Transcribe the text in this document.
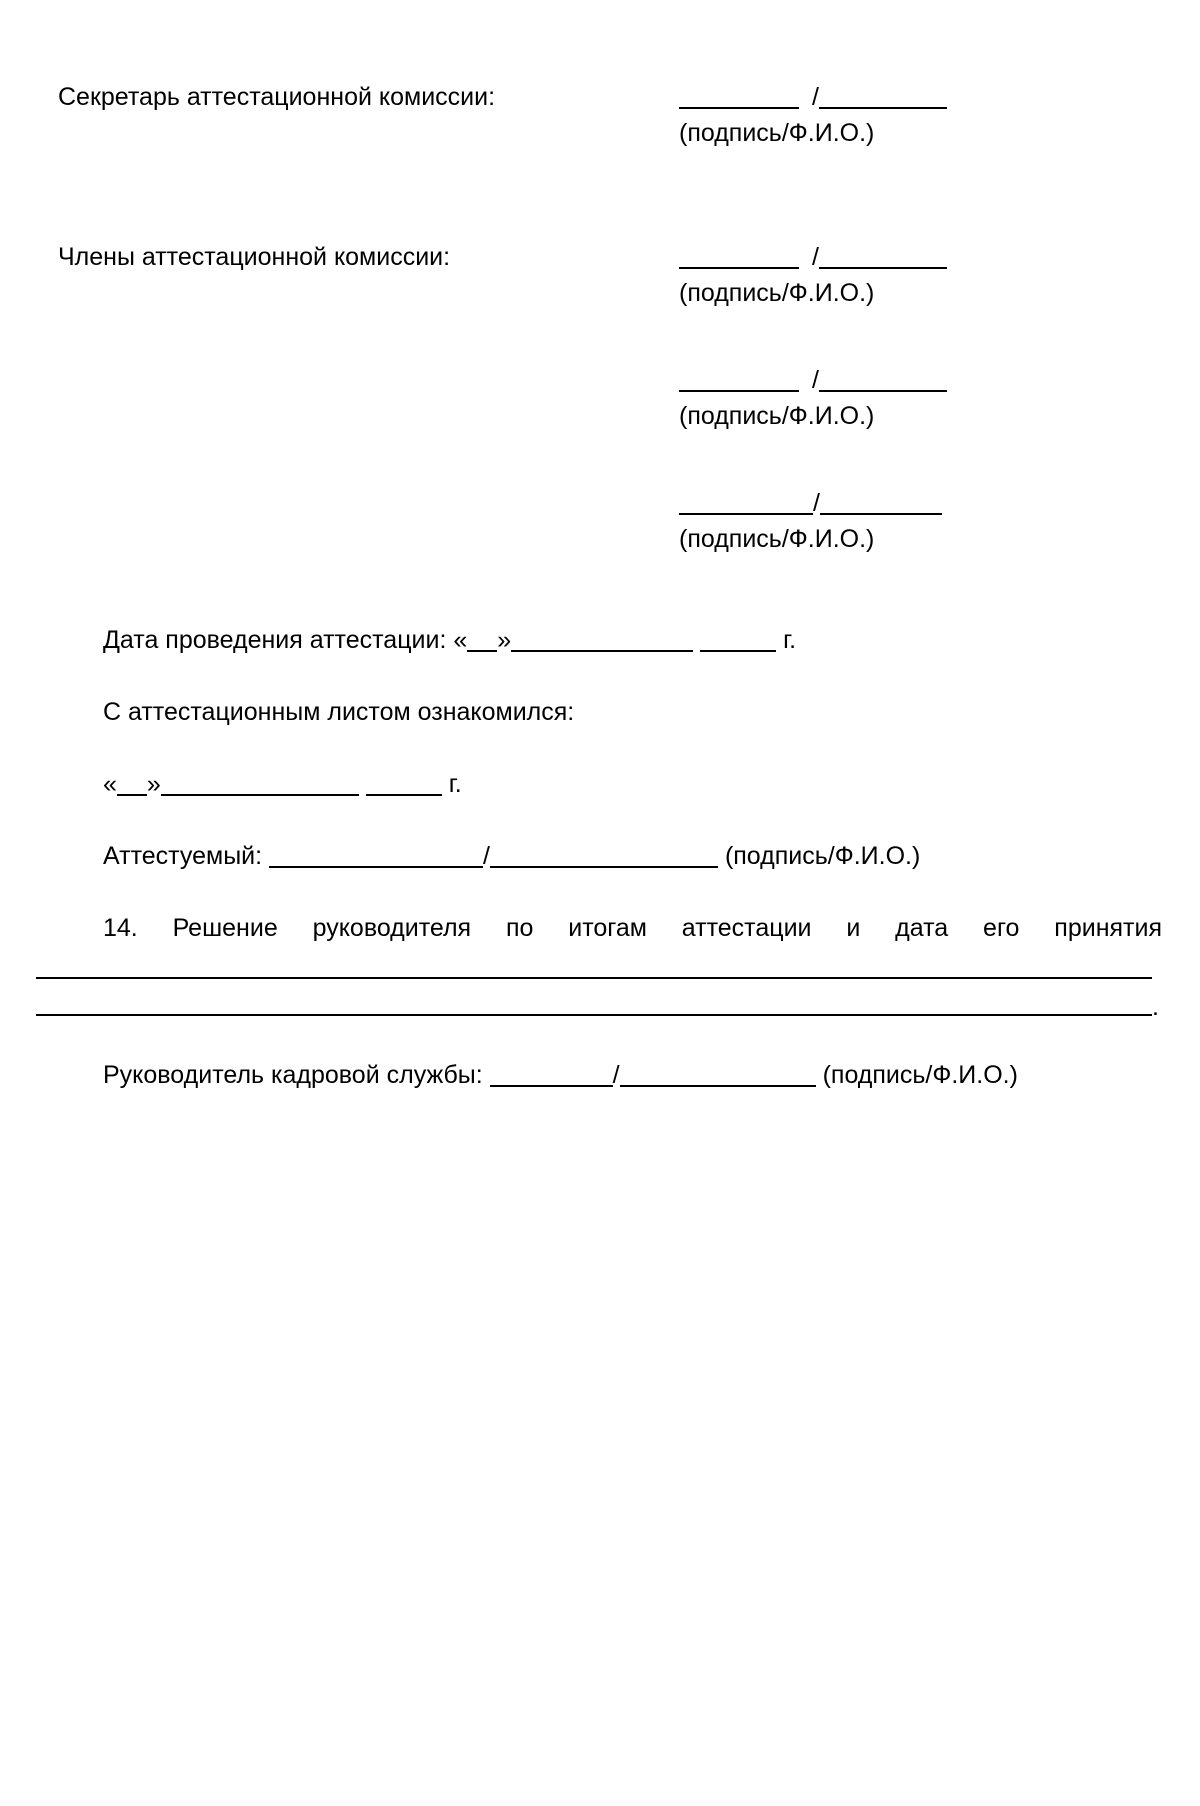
Секретарь аттестационной комиссии:	/
(подпись/Ф.И.О.)
Члены аттестационной комиссии:	/
(подпись/Ф.И.О.)
/
(подпись/Ф.И.О.)
/
(подпись/Ф.И.О.)
Дата проведения аттестации: « »	г.
С аттестационным листом ознакомился:
« »	г.
Аттестуемый:	/	(подпись/Ф.И.О.)
14. Решение руководителя по итогам аттестации и дата его принятия
.
Руководитель кадровой службы:	/	(подпись/Ф.И.О.)
